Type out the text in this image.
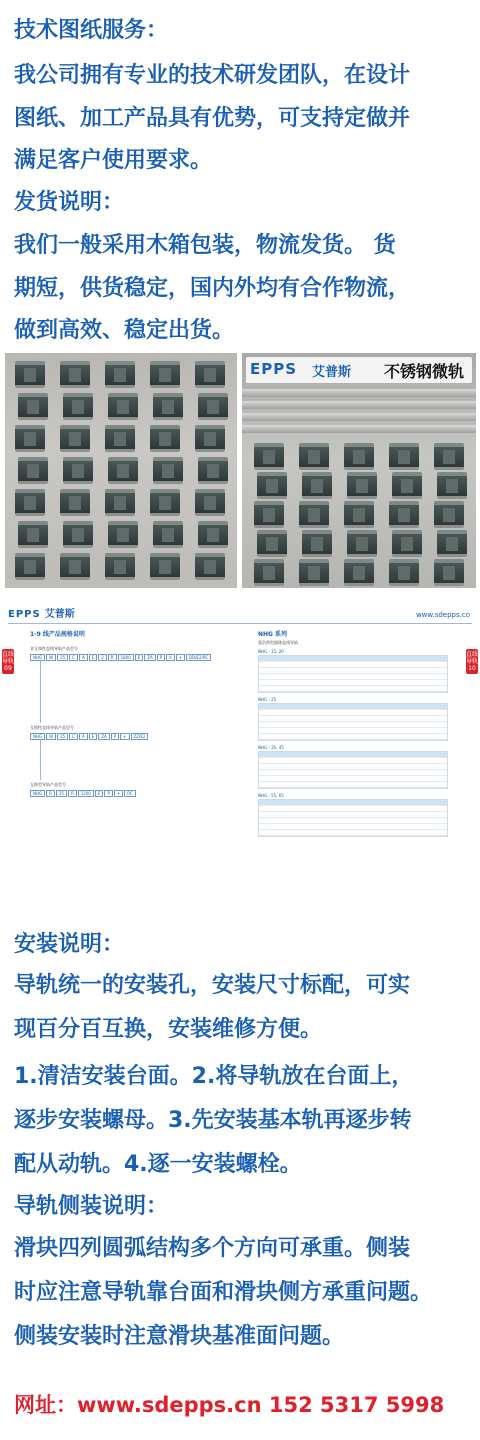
技术图纸服务：
我公司拥有专业的技术研发团队，在设计
图纸、加工产品具有优势，可支持定做并
满足客户使用要求。
发货说明：
我们一般采用木箱包装，物流发货。 货
期短，供货稳定，国内外均有合作物流，
做到高效、稳定出货。
EPPS 艾普斯 不锈钢微轨
EPPS 艾普斯	www.sdepps.co
直线导轨09
直线导轨10
1-9 线产品规格说明
非互换性直线导轨产品型号
NHG	W	25	C	A	E	2	R	1800	E	ZA	P	II	+	DD/E2/RC
互换性直线导轨产品型号
NHG	W	25	C	A	E	ZA	P	+	ZZ/E2
互换型导轨产品型号
NHG	R	25	R	1200	E	P	+	RC
NHG 系列
重负荷型滚珠直线导轨
NHG - 15, 20
NHG - 25
NHG - 35, 45
NHG - 55, 65
安装说明：
导轨统一的安装孔，安装尺寸标配，可实
现百分百互换，安装维修方便。
1.清洁安装台面。2.将导轨放在台面上，
逐步安装螺母。3.先安装基本轨再逐步转
配从动轨。4.逐一安装螺栓。
导轨侧装说明：
滑块四列圆弧结构多个方向可承重。侧装
时应注意导轨靠台面和滑块侧方承重问题。
侧装安装时注意滑块基准面问题。
网址：www.sdepps.cn 152 5317 5998
